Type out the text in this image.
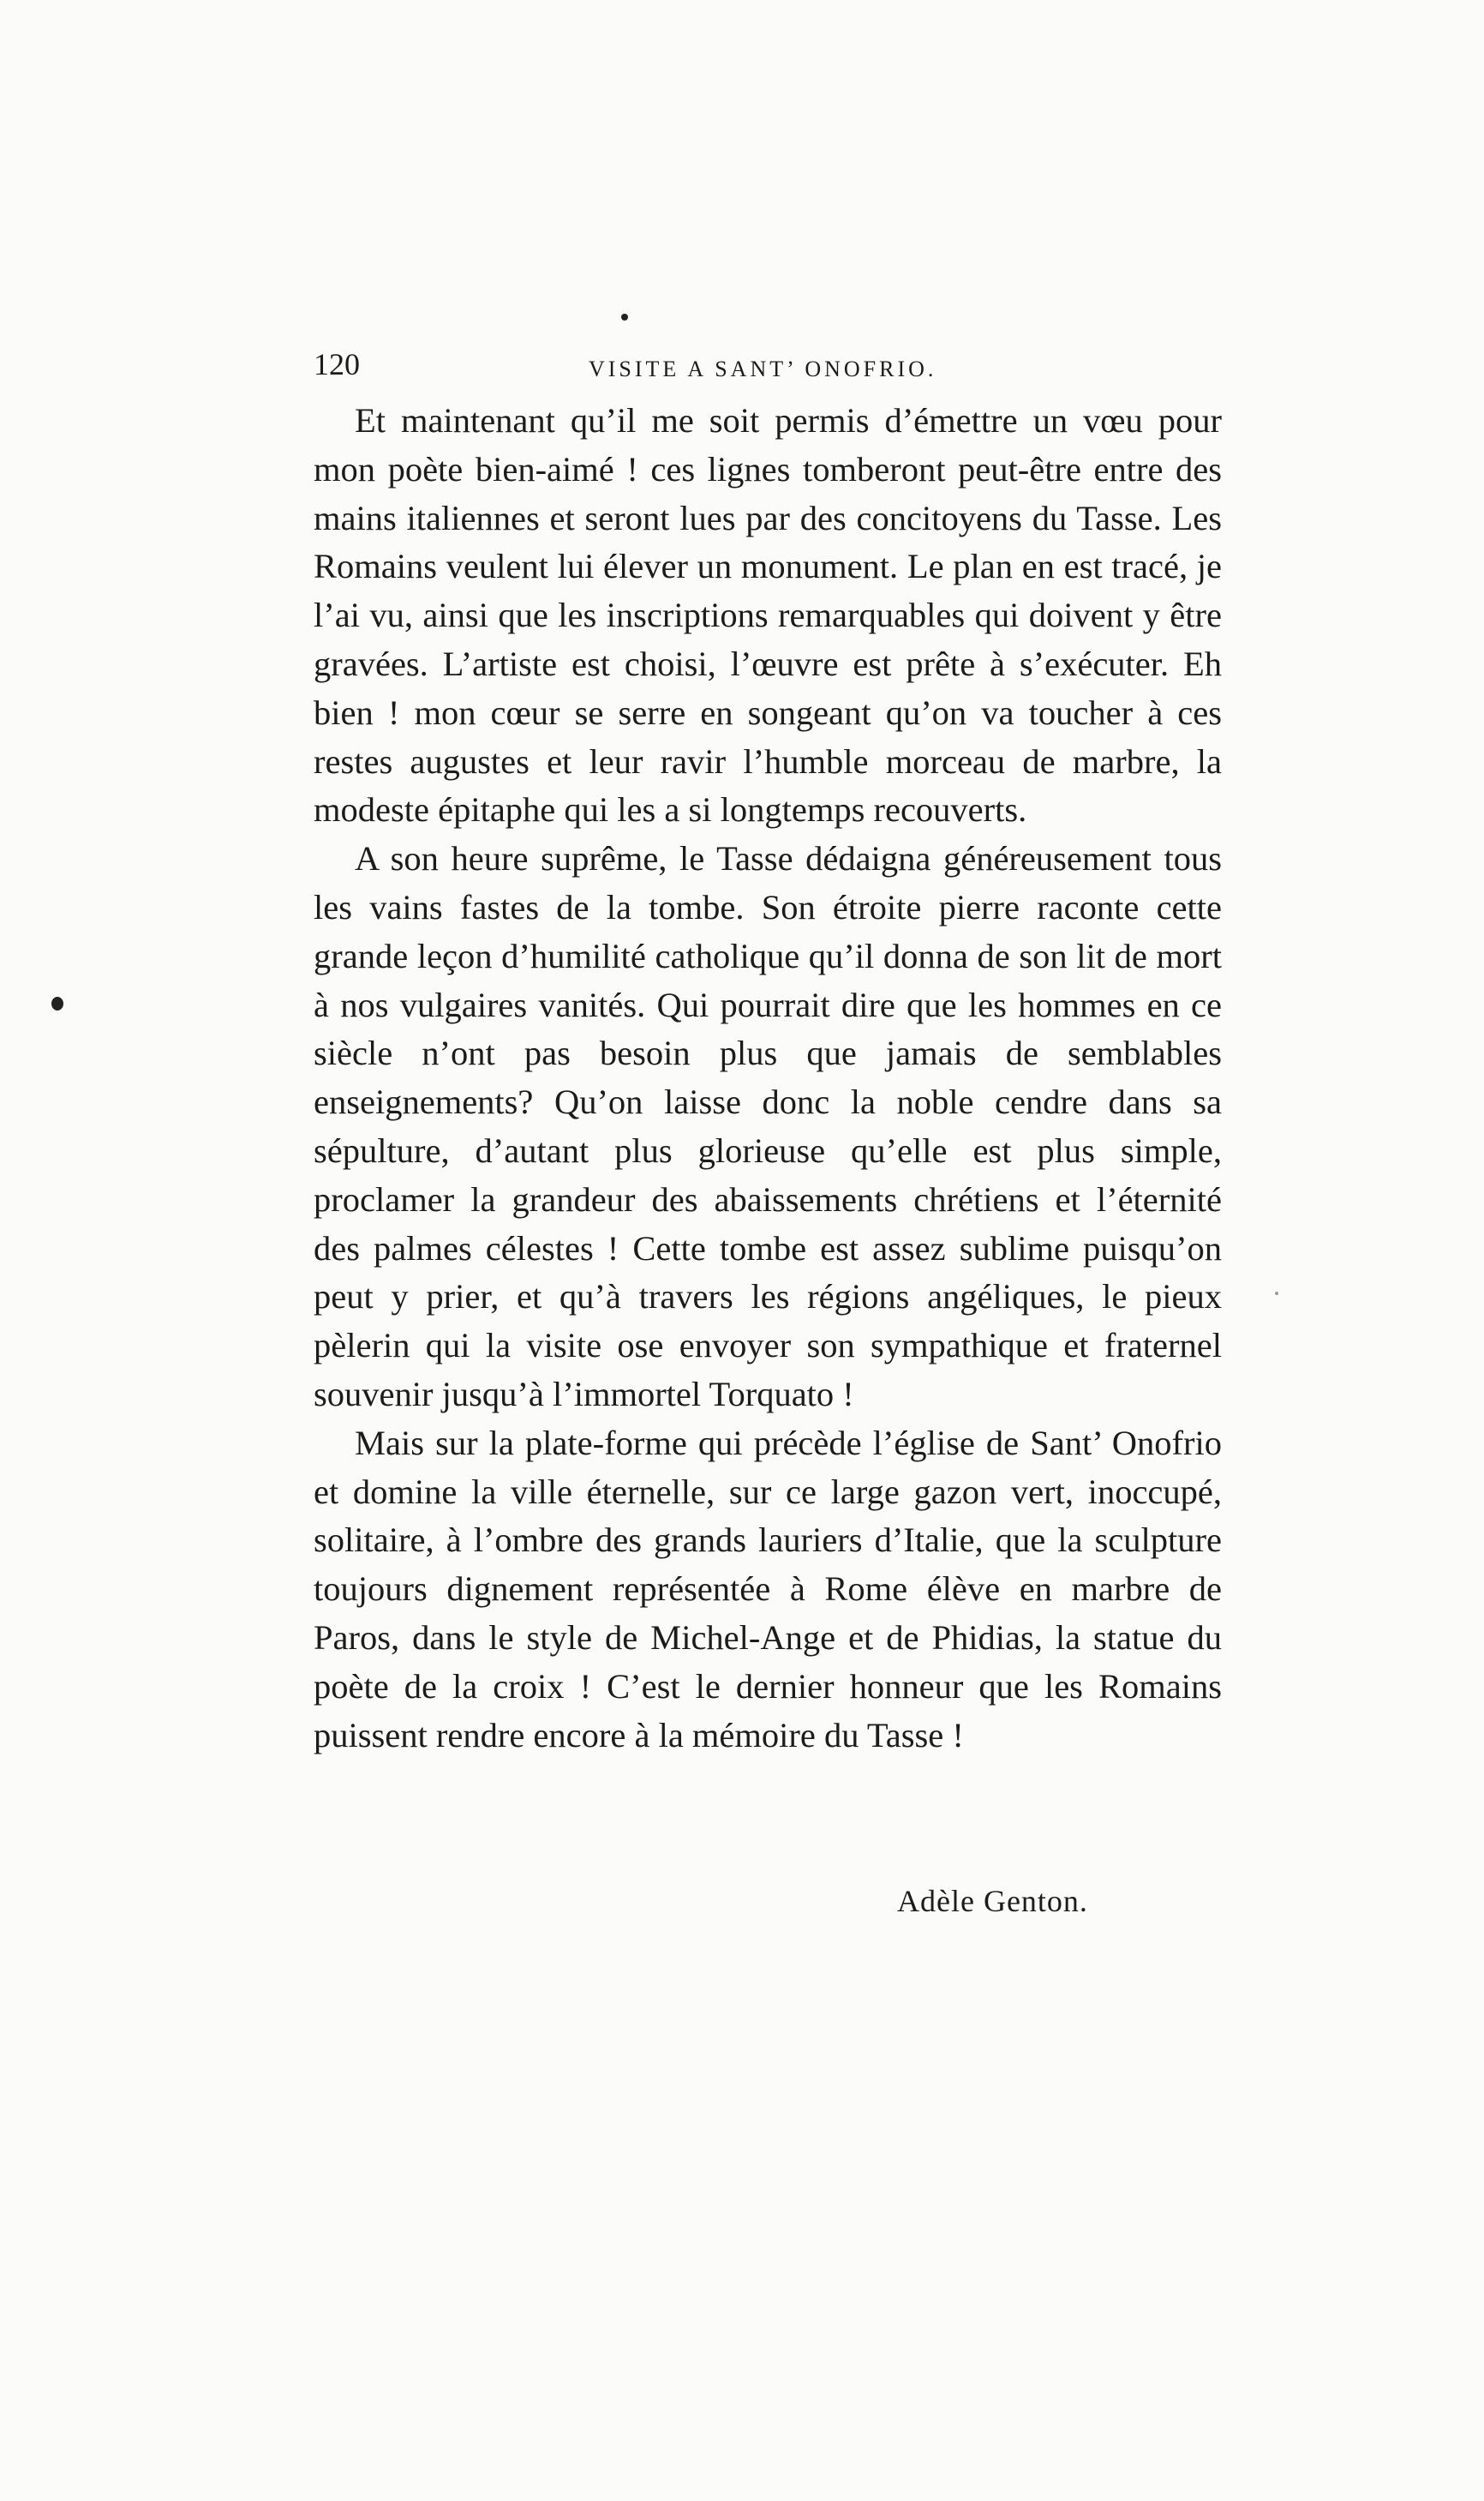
120	VISITE A SANT’ ONOFRIO.

Et maintenant qu’il me soit permis d’émettre un vœu pour mon poète bien-aimé ! ces lignes tomberont peut-être entre des mains italiennes et seront lues par des concitoyens du Tasse. Les Romains veulent lui élever un monument. Le plan en est tracé, je l’ai vu, ainsi que les inscriptions remarquables qui doivent y être gravées. L’artiste est choisi, l’œuvre est prête à s’exécuter. Eh bien ! mon cœur se serre en songeant qu’on va toucher à ces restes augustes et leur ravir l’humble morceau de marbre, la modeste épitaphe qui les a si longtemps recouverts.

A son heure suprême, le Tasse dédaigna généreusement tous les vains fastes de la tombe. Son étroite pierre raconte cette grande leçon d’humilité catholique qu’il donna de son lit de mort à nos vulgaires vanités. Qui pourrait dire que les hommes en ce siècle n’ont pas besoin plus que jamais de semblables enseignements? Qu’on laisse donc la noble cendre dans sa sépulture, d’autant plus glorieuse qu’elle est plus simple, proclamer la grandeur des abaissements chrétiens et l’éternité des palmes célestes ! Cette tombe est assez sublime puisqu’on peut y prier, et qu’à travers les régions angéliques, le pieux pèlerin qui la visite ose envoyer son sympathique et fraternel souvenir jusqu’à l’immortel Torquato !

Mais sur la plate-forme qui précède l’église de Sant’ Onofrio et domine la ville éternelle, sur ce large gazon vert, inoccupé, solitaire, à l’ombre des grands lauriers d’Italie, que la sculpture toujours dignement représentée à Rome élève en marbre de Paros, dans le style de Michel-Ange et de Phidias, la statue du poète de la croix ! C’est le dernier honneur que les Romains puissent rendre encore à la mémoire du Tasse !

Adèle Genton.
